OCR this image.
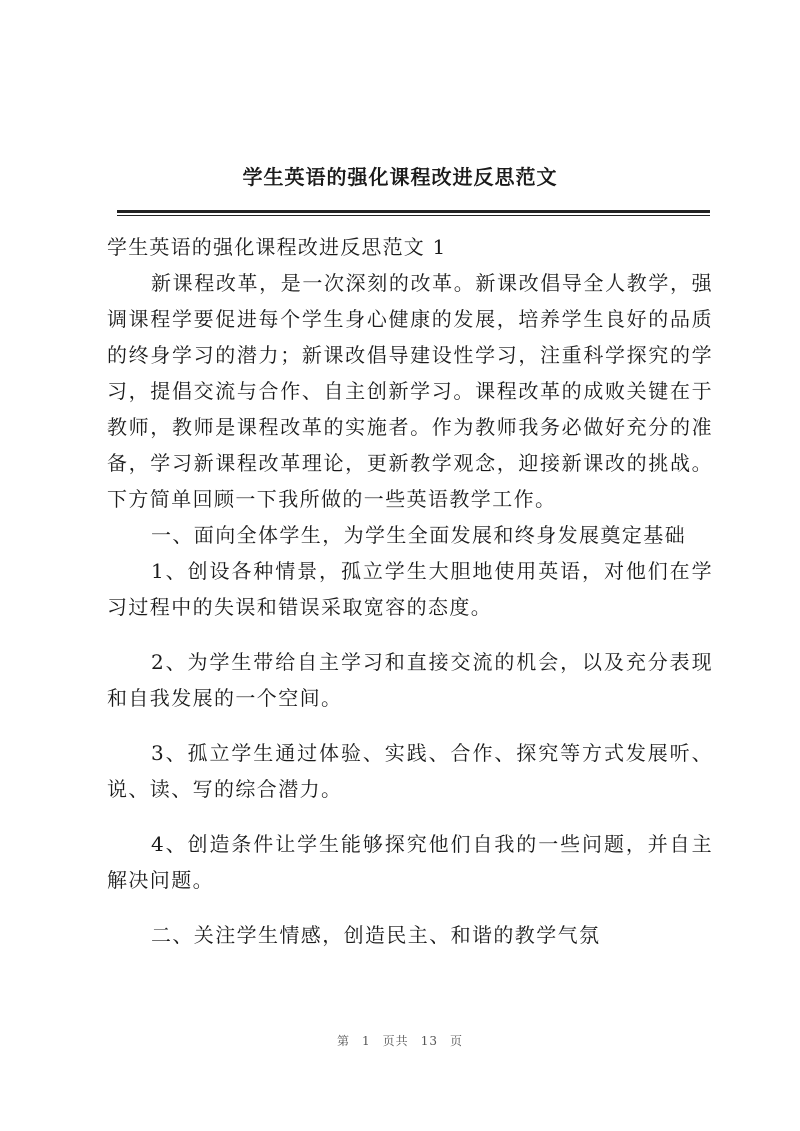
学生英语的强化课程改进反思范文

学生英语的强化课程改进反思范文 1

新课程改革，是一次深刻的改革。新课改倡导全人教学，强调课程学要促进每个学生身心健康的发展，培养学生良好的品质的终身学习的潜力；新课改倡导建设性学习，注重科学探究的学习，提倡交流与合作、自主创新学习。课程改革的成败关键在于教师，教师是课程改革的实施者。作为教师我务必做好充分的准备，学习新课程改革理论，更新教学观念，迎接新课改的挑战。下方简单回顾一下我所做的一些英语教学工作。

一、面向全体学生，为学生全面发展和终身发展奠定基础

1、创设各种情景，孤立学生大胆地使用英语，对他们在学习过程中的失误和错误采取宽容的态度。

2、为学生带给自主学习和直接交流的机会，以及充分表现和自我发展的一个空间。

3、孤立学生通过体验、实践、合作、探究等方式发展听、说、读、写的综合潜力。

4、创造条件让学生能够探究他们自我的一些问题，并自主解决问题。

二、关注学生情感，创造民主、和谐的教学气氛

第 1 页共 13 页
